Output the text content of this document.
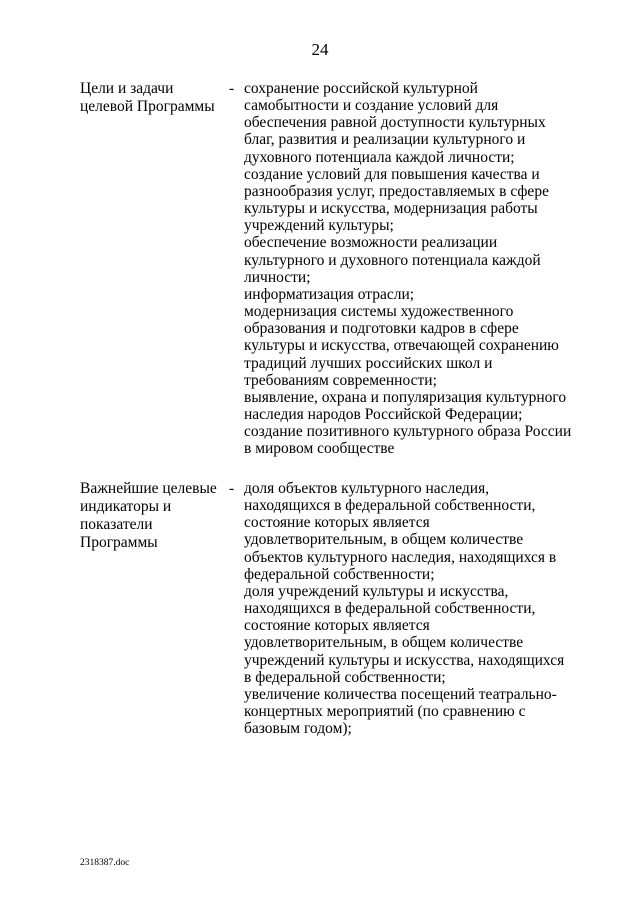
24
Цели и задачи
целевой Программы
- сохранение российской культурной
самобытности и создание условий для
обеспечения равной доступности культурных
благ, развития и реализации культурного и
духовного потенциала каждой личности;
создание условий для повышения качества и
разнообразия услуг, предоставляемых в сфере
культуры и искусства, модернизация работы
учреждений культуры;
обеспечение возможности реализации
культурного и духовного потенциала каждой
личности;
информатизация отрасли;
модернизация системы художественного
образования и подготовки кадров в сфере
культуры и искусства, отвечающей сохранению
традиций лучших российских школ и
требованиям современности;
выявление, охрана и популяризация культурного
наследия народов Российской Федерации;
создание позитивного культурного образа России
в мировом сообществе
Важнейшие целевые
индикаторы и
показатели
Программы
- доля объектов культурного наследия,
находящихся в федеральной собственности,
состояние которых является
удовлетворительным, в общем количестве
объектов культурного наследия, находящихся в
федеральной собственности;
доля учреждений культуры и искусства,
находящихся в федеральной собственности,
состояние которых является
удовлетворительным, в общем количестве
учреждений культуры и искусства, находящихся
в федеральной собственности;
увеличение количества посещений театрально-
концертных мероприятий (по сравнению с
базовым годом);
2318387.doc
